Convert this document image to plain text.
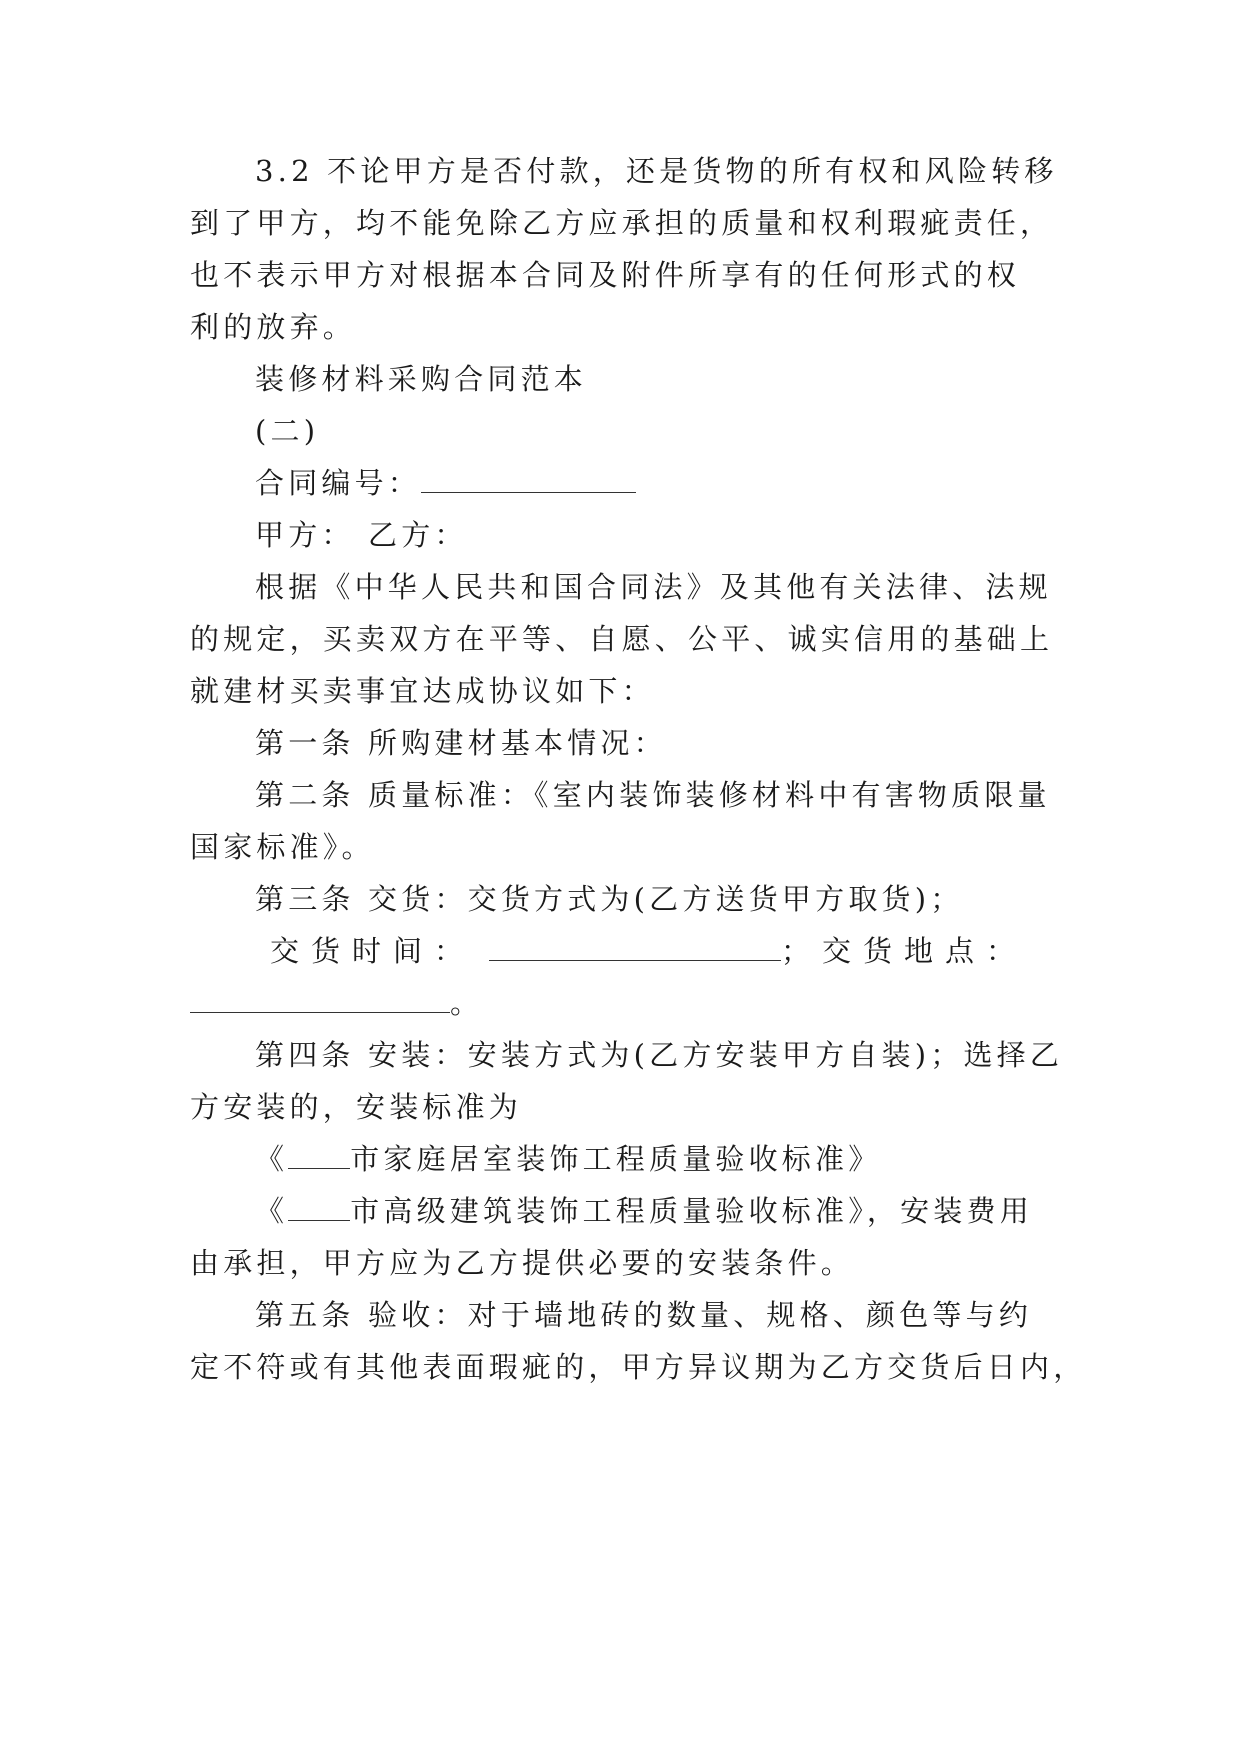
3.2 不论甲方是否付款，还是货物的所有权和风险转移
到了甲方，均不能免除乙方应承担的质量和权利瑕疵责任，
也不表示甲方对根据本合同及附件所享有的任何形式的权
利的放弃。
装修材料采购合同范本
(二)
合同编号：
甲方： 乙方：
根据《中华人民共和国合同法》及其他有关法律、法规
的规定，买卖双方在平等、自愿、公平、诚实信用的基础上
就建材买卖事宜达成协议如下：
第一条 所购建材基本情况：
第二条 质量标准：《室内装饰装修材料中有害物质限量
国家标准》。
第三条 交货：交货方式为(乙方送货甲方取货)；
交货时间：	；交货地点：
。
第四条 安装：安装方式为(乙方安装甲方自装)；选择乙
方安装的，安装标准为
《 市家庭居室装饰工程质量验收标准》
《 市高级建筑装饰工程质量验收标准》，安装费用
由承担，甲方应为乙方提供必要的安装条件。
第五条 验收：对于墙地砖的数量、规格、颜色等与约
定不符或有其他表面瑕疵的，甲方异议期为乙方交货后日内，
